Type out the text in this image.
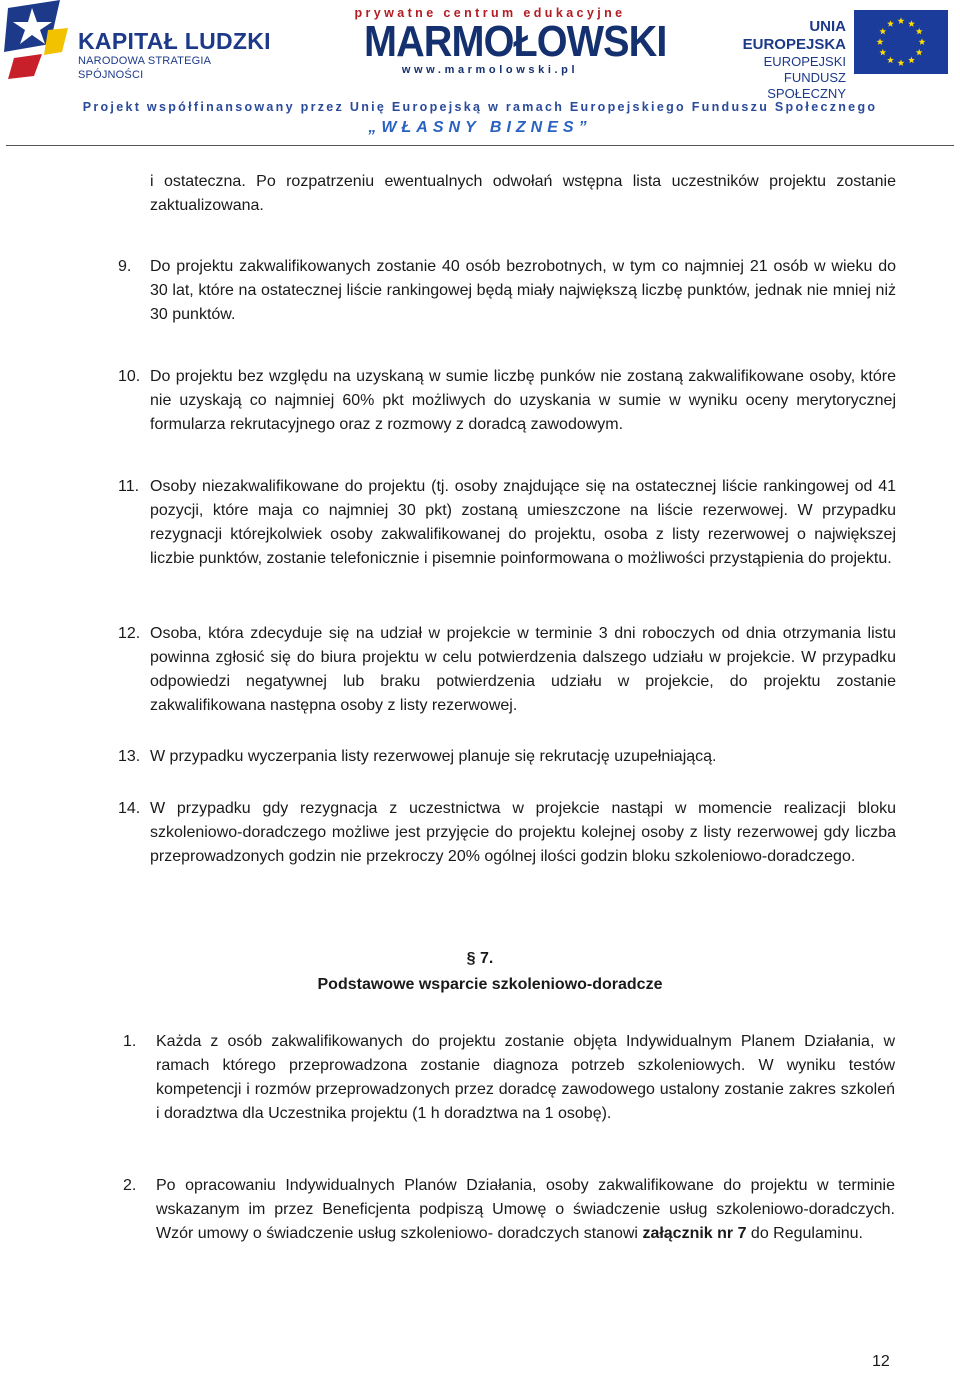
KAPITAŁ LUDZKI
NARODOWA STRATEGIA SPÓJNOŚCI
prywatne centrum edukacyjne
MARMOŁOWSKI
www.marmolowski.pl
UNIA EUROPEJSKA
EUROPEJSKI
FUNDUSZ SPOŁECZNY
Projekt współfinansowany przez Unię Europejską w ramach Europejskiego Funduszu Społecznego
„WŁASNY BIZNES”
i ostateczna. Po rozpatrzeniu ewentualnych odwołań wstępna lista uczestników projektu zostanie zaktualizowana.
9. Do projektu zakwalifikowanych zostanie 40 osób bezrobotnych, w tym co najmniej 21 osób w wieku do 30 lat, które na ostatecznej liście rankingowej będą miały największą liczbę punktów, jednak nie mniej niż 30 punktów.
10. Do projektu bez względu na uzyskaną w sumie liczbę punków nie zostaną zakwalifikowane osoby, które nie uzyskają co najmniej 60% pkt możliwych do uzyskania w sumie w wyniku oceny merytorycznej formularza rekrutacyjnego oraz z rozmowy z doradcą zawodowym.
11. Osoby niezakwalifikowane do projektu (tj. osoby znajdujące się na ostatecznej liście rankingowej od 41 pozycji, które maja co najmniej 30 pkt) zostaną umieszczone na liście rezerwowej. W przypadku rezygnacji którejkolwiek osoby zakwalifikowanej do projektu, osoba z listy rezerwowej o największej liczbie punktów, zostanie telefonicznie i pisemnie poinformowana o możliwości przystąpienia do projektu.
12. Osoba, która zdecyduje się na udział w projekcie w terminie 3 dni roboczych od dnia otrzymania listu powinna zgłosić się do biura projektu w celu potwierdzenia dalszego udziału w projekcie. W przypadku odpowiedzi negatywnej lub braku potwierdzenia udziału w projekcie, do projektu zostanie zakwalifikowana następna osoby z listy rezerwowej.
13. W przypadku wyczerpania listy rezerwowej planuje się rekrutację uzupełniającą.
14. W przypadku gdy rezygnacja z uczestnictwa w projekcie nastąpi w momencie realizacji bloku szkoleniowo-doradczego możliwe jest przyjęcie do projektu kolejnej osoby z listy rezerwowej gdy liczba przeprowadzonych godzin nie przekroczy 20% ogólnej ilości godzin bloku szkoleniowo-doradczego.
§ 7.
Podstawowe wsparcie szkoleniowo-doradcze
1. Każda z osób zakwalifikowanych do projektu zostanie objęta Indywidualnym Planem Działania, w ramach którego przeprowadzona zostanie diagnoza potrzeb szkoleniowych. W wyniku testów kompetencji i rozmów przeprowadzonych przez doradcę zawodowego ustalony zostanie zakres szkoleń i doradztwa dla Uczestnika projektu (1 h doradztwa na 1 osobę).
2. Po opracowaniu Indywidualnych Planów Działania, osoby zakwalifikowane do projektu w terminie wskazanym im przez Beneficjenta podpiszą Umowę o świadczenie usług szkoleniowo-doradczych. Wzór umowy o świadczenie usług szkoleniowo- doradczych stanowi załącznik nr 7 do Regulaminu.
12
